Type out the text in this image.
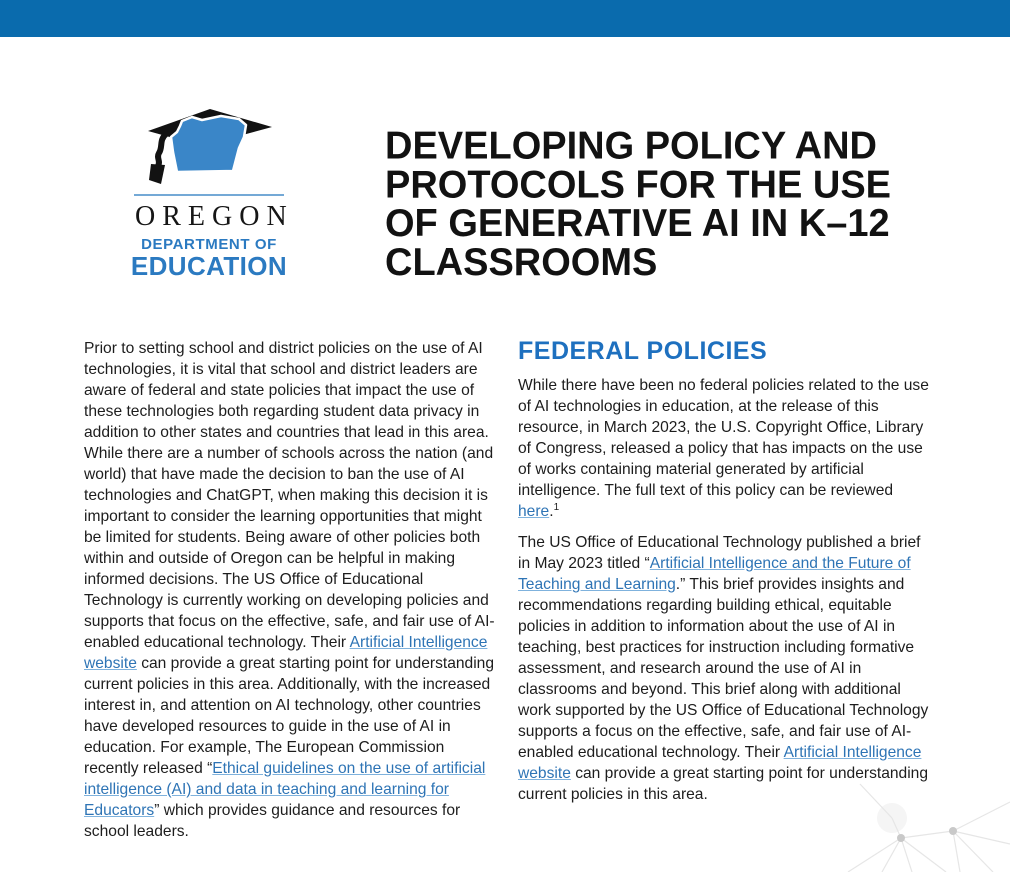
OREGON
DEPARTMENT OF
EDUCATION
DEVELOPING POLICY AND
PROTOCOLS FOR THE USE
OF GENERATIVE AI IN K–12
CLASSROOMS

Prior to setting school and district policies on the use of AI technologies, it is vital that school and district leaders are aware of federal and state policies that impact the use of these technologies both regarding student data privacy in addition to other states and countries that lead in this area. While there are a number of schools across the nation (and world) that have made the decision to ban the use of AI technologies and ChatGPT, when making this decision it is important to consider the learning opportunities that might be limited for students. Being aware of other policies both within and outside of Oregon can be helpful in making informed decisions. The US Office of Educational Technology is currently working on developing policies and supports that focus on the effective, safe, and fair use of AI-enabled educational technology. Their Artificial Intelligence website can provide a great starting point for understanding current policies in this area. Additionally, with the increased interest in, and attention on AI technology, other countries have developed resources to guide in the use of AI in education. For example, The European Commission recently released “Ethical guidelines on the use of artificial intelligence (AI) and data in teaching and learning for Educators” which provides guidance and resources for school leaders.

FEDERAL POLICIES

While there have been no federal policies related to the use of AI technologies in education, at the release of this resource, in March 2023, the U.S. Copyright Office, Library of Congress, released a policy that has impacts on the use of works containing material generated by artificial intelligence. The full text of this policy can be reviewed here.$^1$

The US Office of Educational Technology published a brief in May 2023 titled “Artificial Intelligence and the Future of Teaching and Learning.” This brief provides insights and recommendations regarding building ethical, equitable policies in addition to information about the use of AI in teaching, best practices for instruction including formative assessment, and research around the use of AI in classrooms and beyond. This brief along with additional work supported by the US Office of Educational Technology supports a focus on the effective, safe, and fair use of AI-enabled educational technology. Their Artificial Intelligence website can provide a great starting point for understanding current policies in this area.
